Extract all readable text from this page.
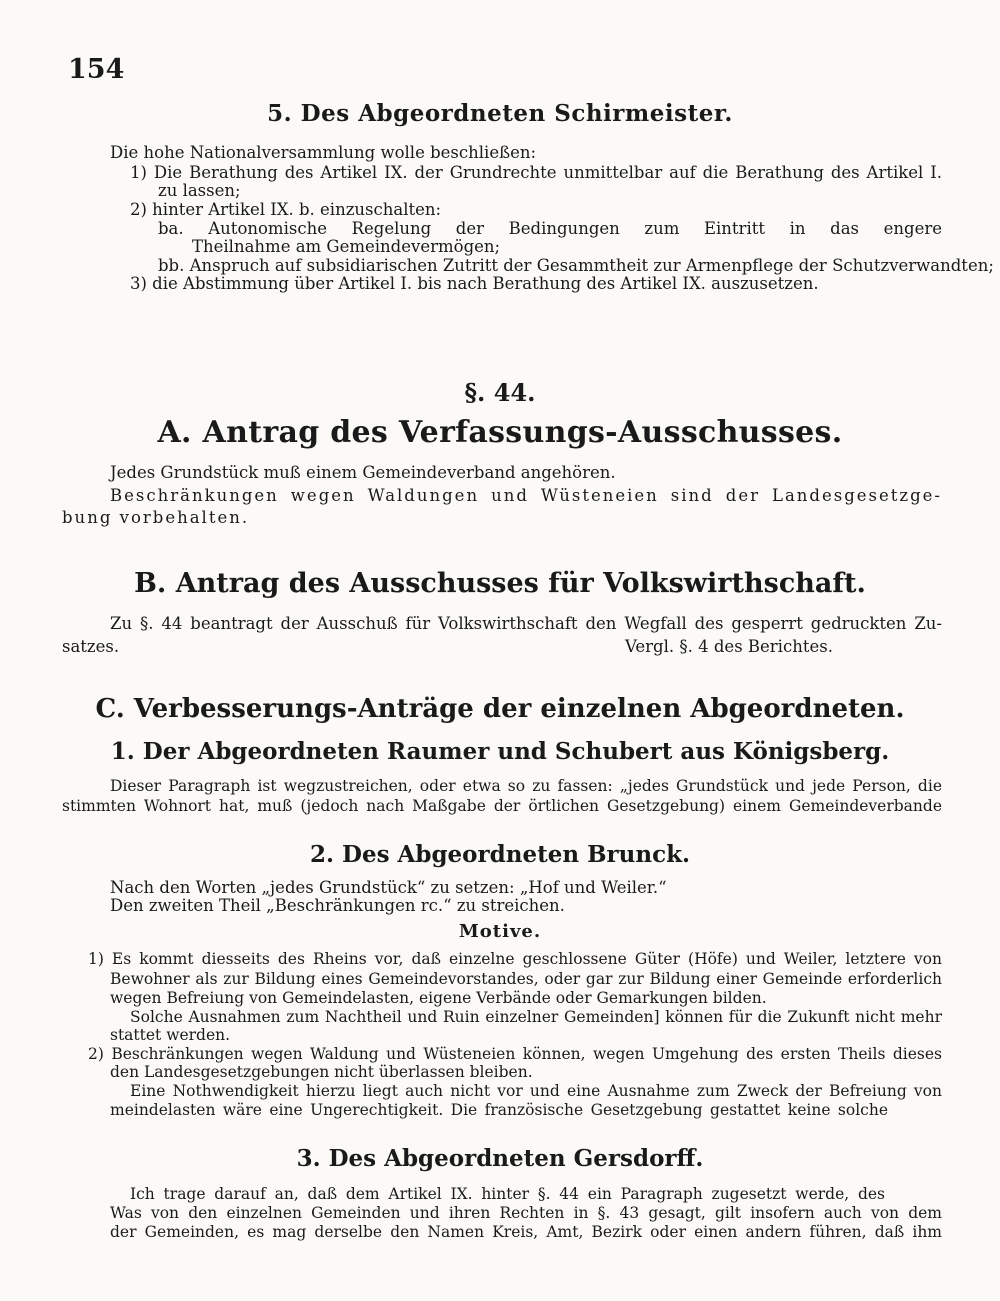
154
5. Des Abgeordneten Schirmeister.
Die hohe Nationalversammlung wolle beschließen:
1) Die Berathung des Artikel IX. der Grundrechte unmittelbar auf die Berathung des Artikel I.
zu lassen;
2) hinter Artikel IX. b. einzuschalten:
ba. Autonomische Regelung der Bedingungen zum Eintritt in das engere
Theilnahme am Gemeindevermögen;
bb. Anspruch auf subsidiarischen Zutritt der Gesammtheit zur Armenpflege der Schutzverwandten;
3) die Abstimmung über Artikel I. bis nach Berathung des Artikel IX. auszusetzen.
§. 44.
A. Antrag des Verfassungs-Ausschusses.
Jedes Grundstück muß einem Gemeindeverband angehören.
Beschränkungen wegen Waldungen und Wüsteneien sind der Landesgesetzge-
bung vorbehalten.
B. Antrag des Ausschusses für Volkswirthschaft.
Zu §. 44 beantragt der Ausschuß für Volkswirthschaft den Wegfall des gesperrt gedruckten Zu-
satzes.	Vergl. §. 4 des Berichtes.
C. Verbesserungs-Anträge der einzelnen Abgeordneten.
1. Der Abgeordneten Raumer und Schubert aus Königsberg.
Dieser Paragraph ist wegzustreichen, oder etwa so zu fassen: „jedes Grundstück und jede Person, die
stimmten Wohnort hat, muß (jedoch nach Maßgabe der örtlichen Gesetzgebung) einem Gemeindeverbande
2. Des Abgeordneten Brunck.
Nach den Worten „jedes Grundstück“ zu setzen: „Hof und Weiler.“
Den zweiten Theil „Beschränkungen rc.“ zu streichen.
Motive.
1) Es kommt diesseits des Rheins vor, daß einzelne geschlossene Güter (Höfe) und Weiler, letztere von
Bewohner als zur Bildung eines Gemeindevorstandes, oder gar zur Bildung einer Gemeinde erforderlich
wegen Befreiung von Gemeindelasten, eigene Verbände oder Gemarkungen bilden.
Solche Ausnahmen zum Nachtheil und Ruin einzelner Gemeinden] können für die Zukunft nicht mehr
stattet werden.
2) Beschränkungen wegen Waldung und Wüsteneien können, wegen Umgehung des ersten Theils dieses
den Landesgesetzgebungen nicht überlassen bleiben.
Eine Nothwendigkeit hierzu liegt auch nicht vor und eine Ausnahme zum Zweck der Befreiung von
meindelasten wäre eine Ungerechtigkeit. Die französische Gesetzgebung gestattet keine solche
3. Des Abgeordneten Gersdorff.
Ich trage darauf an, daß dem Artikel IX. hinter §. 44 ein Paragraph zugesetzt werde, des
Was von den einzelnen Gemeinden und ihren Rechten in §. 43 gesagt, gilt insofern auch von dem
der Gemeinden, es mag derselbe den Namen Kreis, Amt, Bezirk oder einen andern führen, daß ihm
